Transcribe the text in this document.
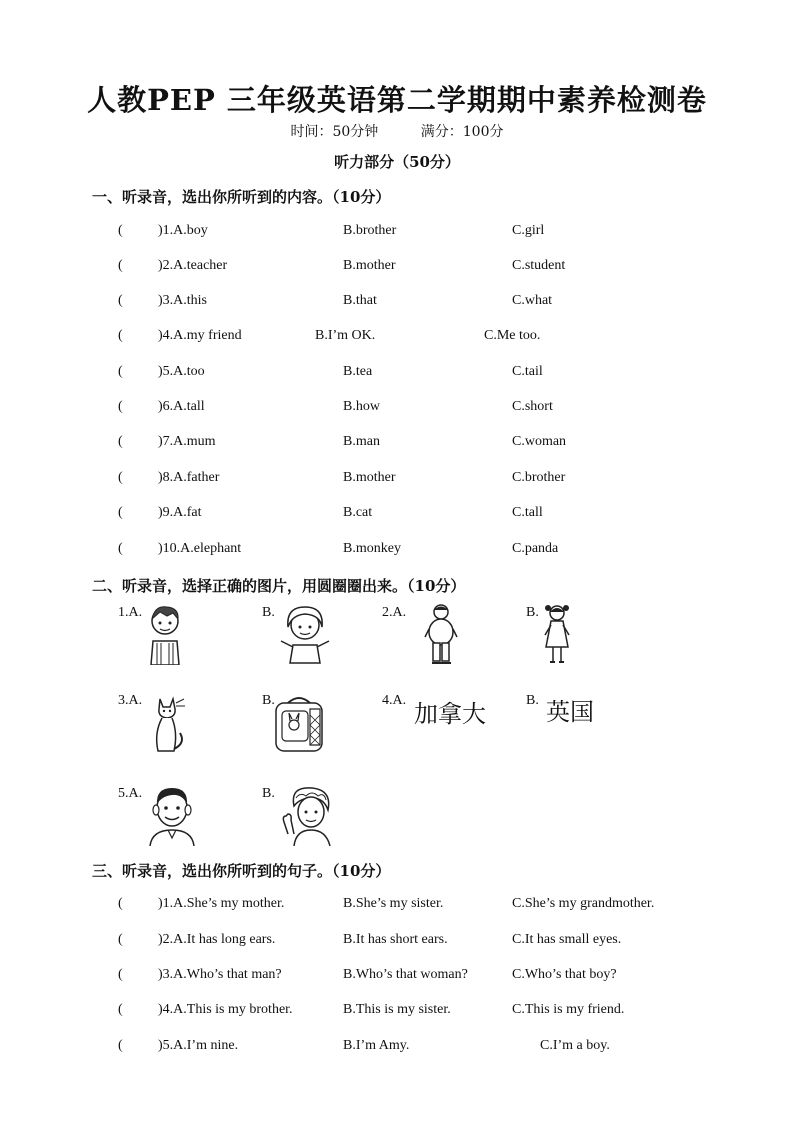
人教PEP 三年级英语第二学期期中素养检测卷
时间：50分钟	满分：100分
听力部分（50分）
一、听录音，选出你所听到的内容。（10分）
(	)1.A.boy	B.brother	C.girl
(	)2.A.teacher	B.mother	C.student
(	)3.A.this	B.that	C.what
(	)4.A.my friend	B.I’m OK.	C.Me too.
(	)5.A.too	B.tea	C.tail
(	)6.A.tall	B.how	C.short
(	)7.A.mum	B.man	C.woman
(	)8.A.father	B.mother	C.brother
(	)9.A.fat	B.cat	C.tall
(	)10.A.elephant	B.monkey	C.panda
二、听录音，选择正确的图片，用圆圈圈出来。（10分）
1.A.	B.	2.A.	B.
3.A.	B.	4.A. 加拿大	B. 英国
5.A.	B.
三、听录音，选出你所听到的句子。（10分）
(	)1.A.She’s my mother.	B.She’s my sister.	C.She’s my grandmother.
(	)2.A.It has long ears.	B.It has short ears.	C.It has small eyes.
(	)3.A.Who’s that man?	B.Who’s that woman?	C.Who’s that boy?
(	)4.A.This is my brother.	B.This is my sister.	C.This is my friend.
(	)5.A.I’m nine.	B.I’m Amy.	C.I’m a boy.
